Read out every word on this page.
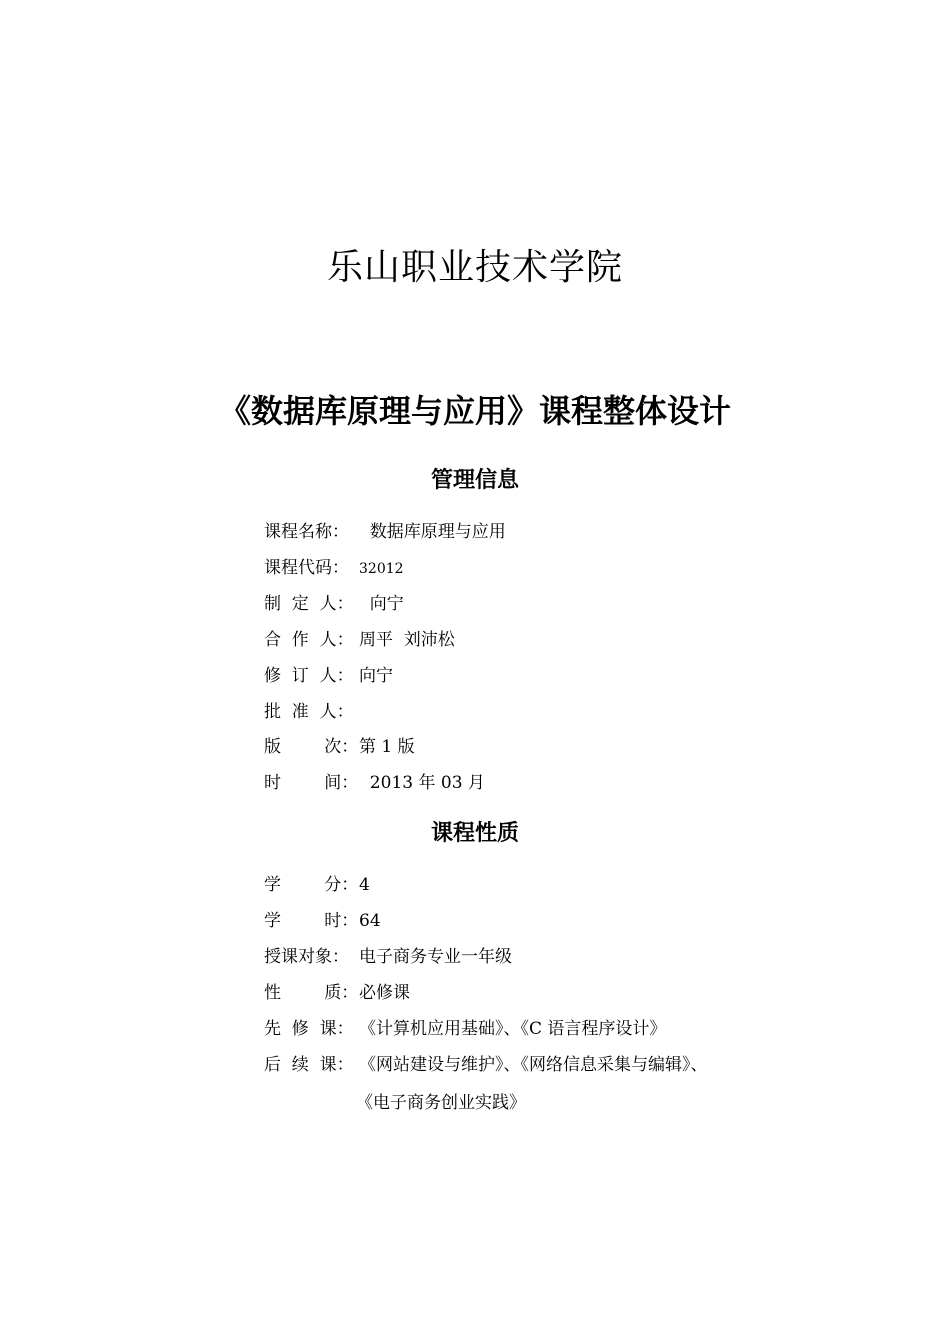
乐山职业技术学院
《数据库原理与应用》课程整体设计
管理信息
课程名称：  数据库原理与应用
课程代码： 32012
制  定  人：  向宁
合  作  人： 周平  刘沛松
修  订  人： 向宁
批  准  人：
版        次：第 1 版
时        间：  2013 年 03 月
课程性质
学        分：4
学        时：64
授课对象： 电子商务专业一年级
性        质：必修课
先  修  课： 《计算机应用基础》、《C 语言程序设计》
后  续  课： 《网站建设与维护》、《网络信息采集与编辑》、
《电子商务创业实践》
